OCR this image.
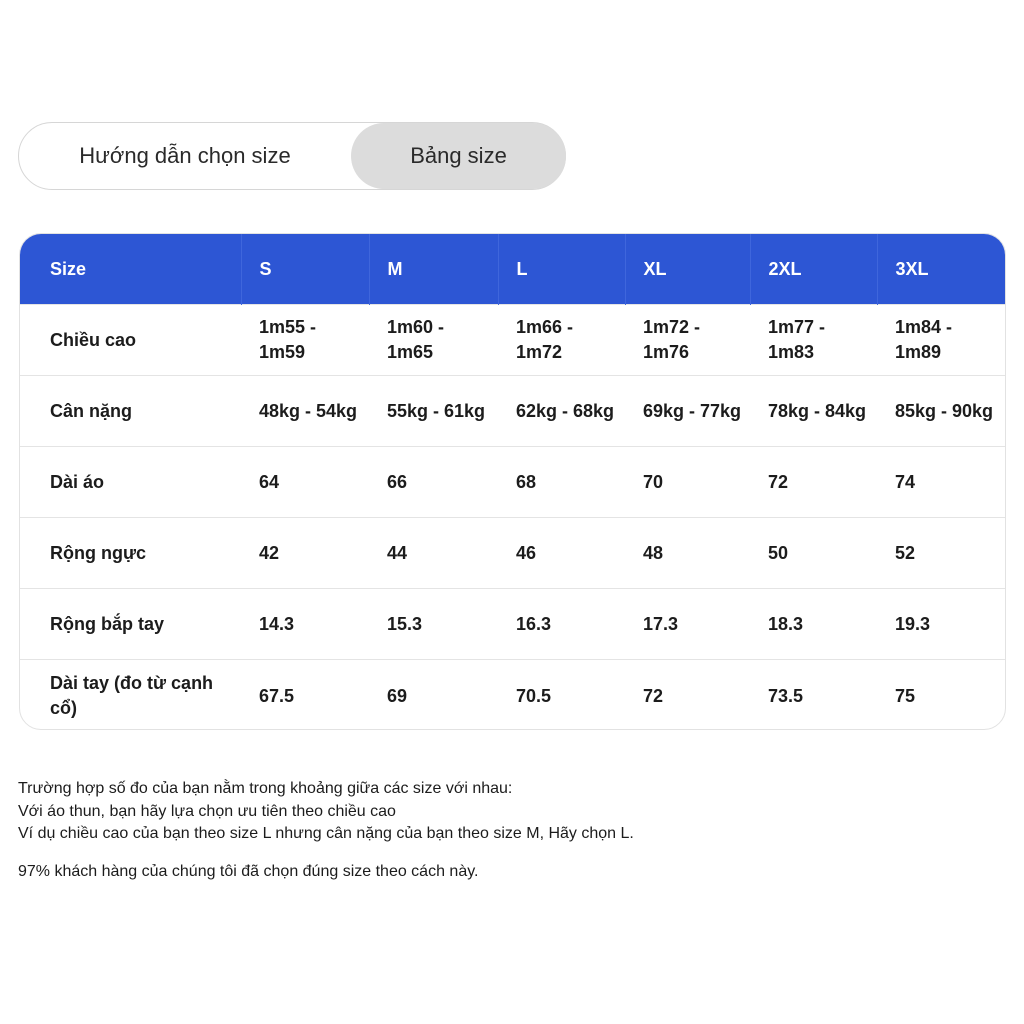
Hướng dẫn chọn size	Bảng size
Size	S	M	L	XL	2XL	3XL
Chiều cao	1m55 - 1m59	1m60 - 1m65	1m66 - 1m72	1m72 - 1m76	1m77 - 1m83	1m84 - 1m89
Cân nặng	48kg - 54kg	55kg - 61kg	62kg - 68kg	69kg - 77kg	78kg - 84kg	85kg - 90kg
Dài áo	64	66	68	70	72	74
Rộng ngực	42	44	46	48	50	52
Rộng bắp tay	14.3	15.3	16.3	17.3	18.3	19.3
Dài tay (đo từ cạnh cổ)	67.5	69	70.5	72	73.5	75

Trường hợp số đo của bạn nằm trong khoảng giữa các size với nhau:

Với áo thun, bạn hãy lựa chọn ưu tiên theo chiều cao

Ví dụ chiều cao của bạn theo size L nhưng cân nặng của bạn theo size M, Hãy chọn L.

97% khách hàng của chúng tôi đã chọn đúng size theo cách này.
